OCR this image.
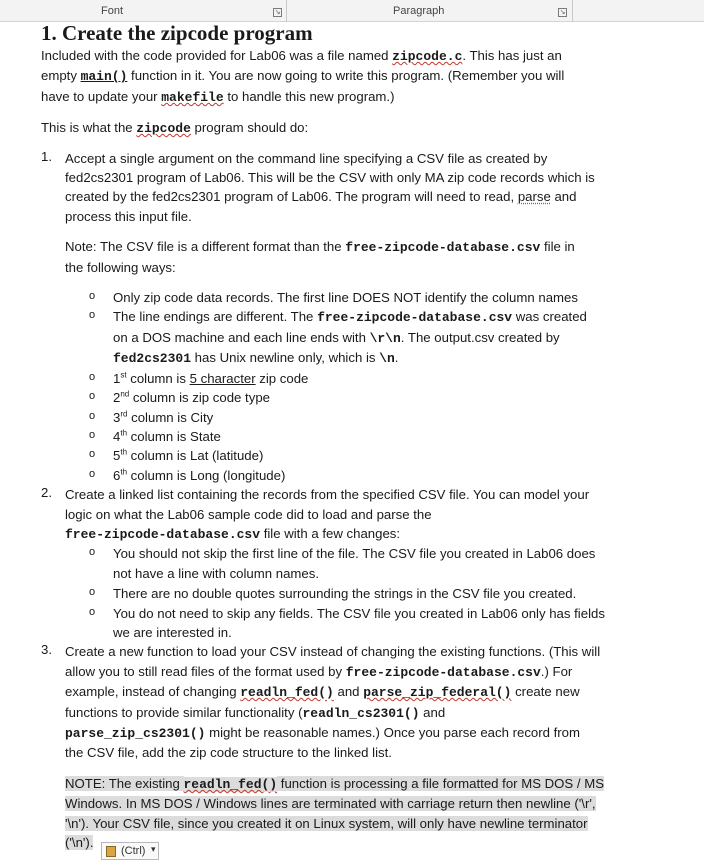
Font	↘	Paragraph	↘
1. Create the zipcode program

Included with the code provided for Lab06 was a file named zipcode.c. This has just an
empty main() function in it. You are now going to write this program. (Remember you will
have to update your makefile to handle this new program.)

This is what the zipcode program should do:

1. Accept a single argument on the command line specifying a CSV file as created by
fed2cs2301 program of Lab06. This will be the CSV with only MA zip code records which is
created by the fed2cs2301 program of Lab06. The program will need to read, parse and
process this input file.

Note: The CSV file is a different format than the free-zipcode-database.csv file in
the following ways:

o Only zip code data records. The first line DOES NOT identify the column names

o The line endings are different. The free-zipcode-database.csv was created
on a DOS machine and each line ends with \r\n. The output.csv created by
fed2cs2301 has Unix newline only, which is \n.

o 1st column is 5 character zip code

o 2nd column is zip code type

o 3rd column is City

o 4th column is State

o 5th column is Lat (latitude)

o 6th column is Long (longitude)

2. Create a linked list containing the records from the specified CSV file. You can model your
logic on what the Lab06 sample code did to load and parse the
free-zipcode-database.csv file with a few changes:

o You should not skip the first line of the file. The CSV file you created in Lab06 does
not have a line with column names.

o There are no double quotes surrounding the strings in the CSV file you created.

o You do not need to skip any fields. The CSV file you created in Lab06 only has fields
we are interested in.

3. Create a new function to load your CSV instead of changing the existing functions. (This will
allow you to still read files of the format used by free-zipcode-database.csv.) For
example, instead of changing readln_fed() and parse_zip_federal() create new
functions to provide similar functionality (readln_cs2301() and
parse_zip_cs2301() might be reasonable names.) Once you parse each record from
the CSV file, add the zip code structure to the linked list.

NOTE: The existing readln_fed() function is processing a file formatted for MS DOS / MS
Windows. In MS DOS / Windows lines are terminated with carriage return then newline ('\r',
'\n'). Your CSV file, since you created it on Linux system, will only have newline terminator
('\n').

(Ctrl) ▾
